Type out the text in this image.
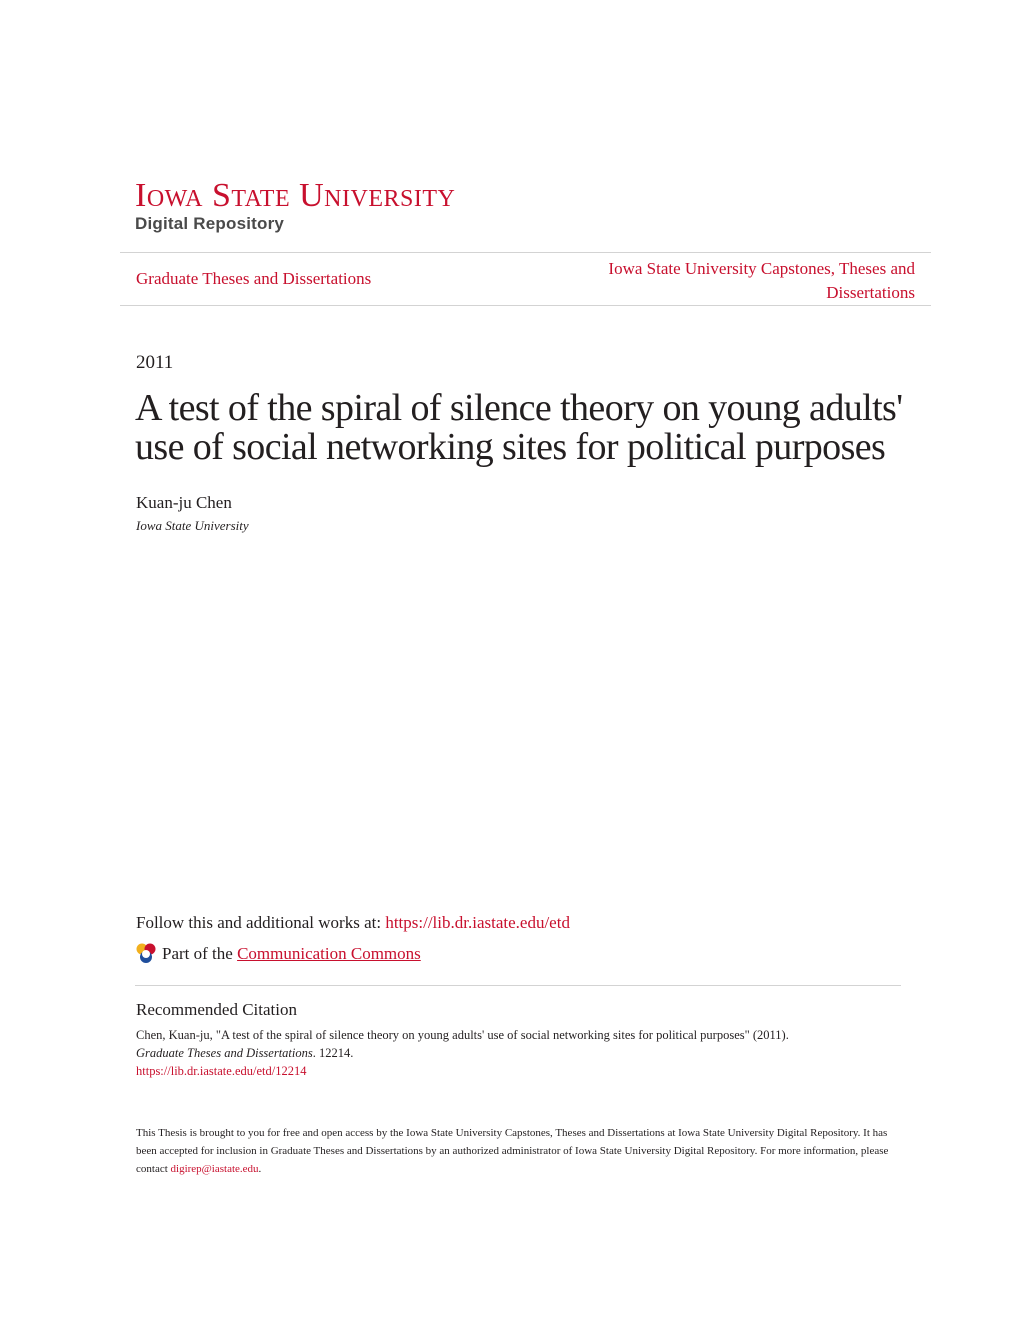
Iowa State University
Digital Repository
Graduate Theses and Dissertations
Iowa State University Capstones, Theses and
Dissertations
2011
A test of the spiral of silence theory on young adults'
use of social networking sites for political purposes
Kuan-ju Chen
Iowa State University
Follow this and additional works at: https://lib.dr.iastate.edu/etd
Part of the
Communication Commons
Recommended Citation
Chen, Kuan-ju, "A test of the spiral of silence theory on young adults' use of social networking sites for political purposes" (2011).
Graduate Theses and Dissertations. 12214.
https://lib.dr.iastate.edu/etd/12214
This Thesis is brought to you for free and open access by the Iowa State University Capstones, Theses and Dissertations at Iowa State University Digital Repository. It has been accepted for inclusion in Graduate Theses and Dissertations by an authorized administrator of Iowa State University Digital Repository. For more information, please contact digirep@iastate.edu.
